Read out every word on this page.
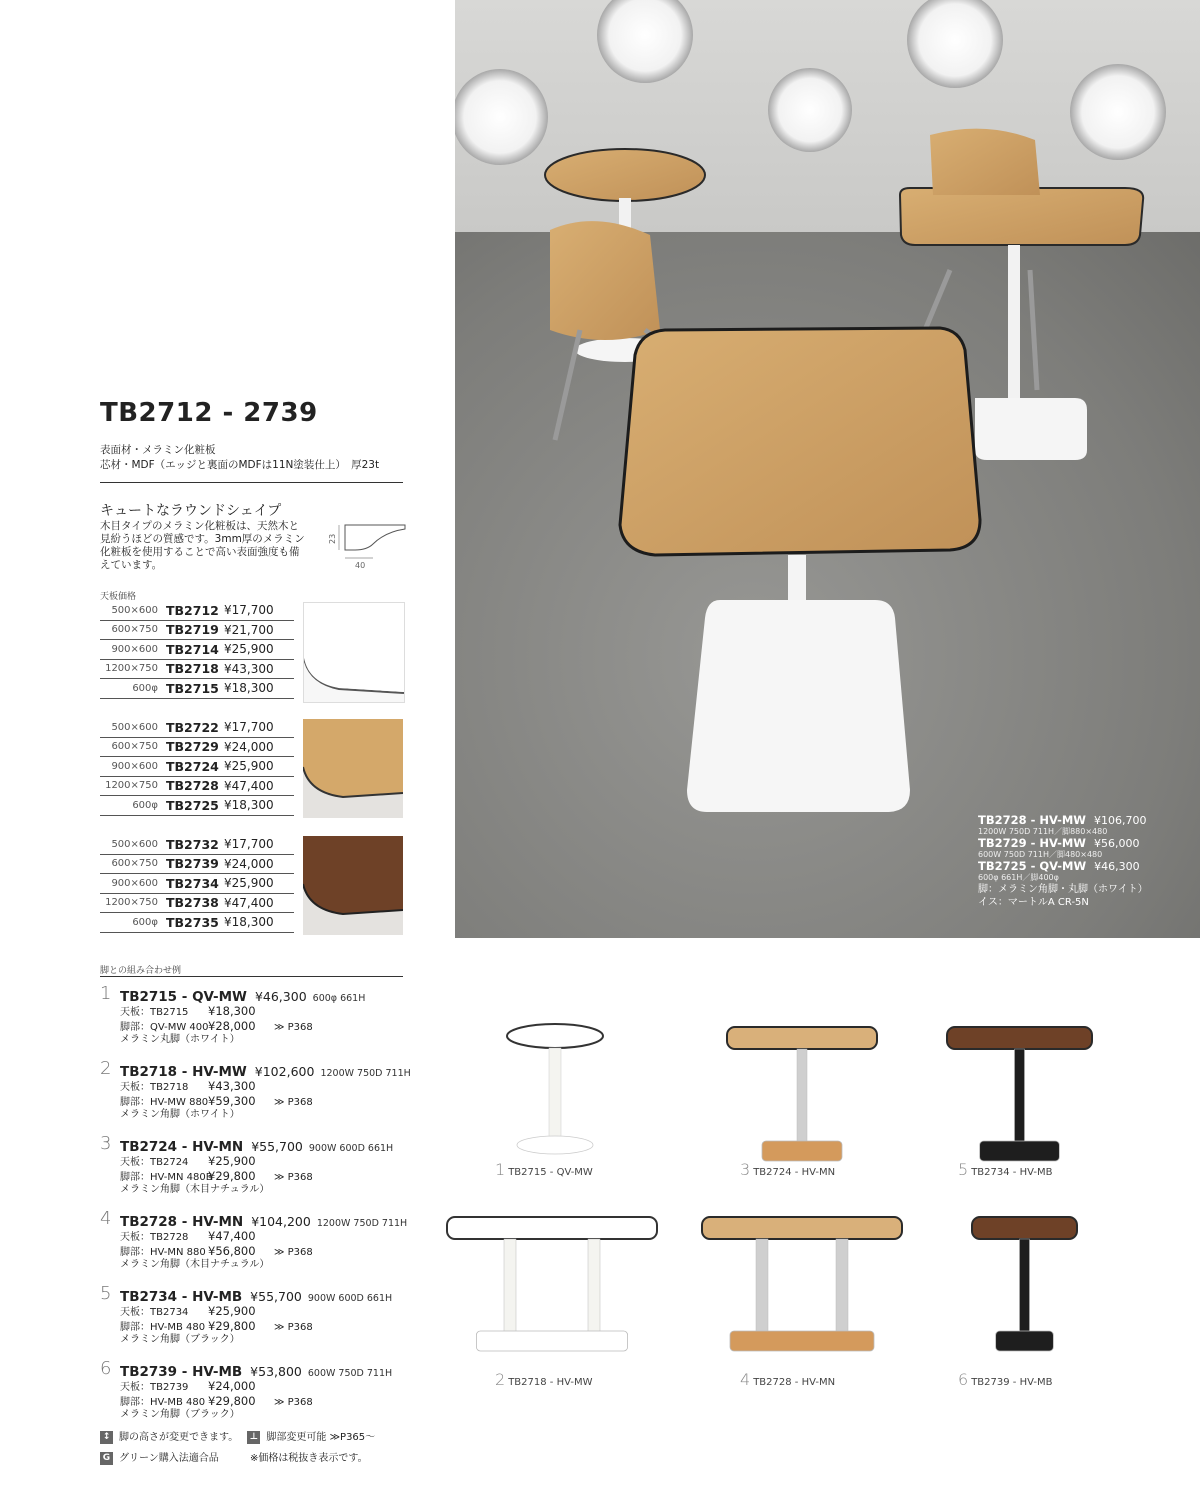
TB2728 - HV-MW ¥106,700
1200W 750D 711H／脚880×480
TB2729 - HV-MW ¥56,000
600W 750D 711H／脚480×480
TB2725 - QV-MW ¥46,300
600φ 661H／脚400φ
脚：メラミン角脚・丸脚（ホワイト）
イス：マートルA CR-5N
TB2712 - 2739
表面材・メラミン化粧板
芯材・MDF（エッジと裏面のMDFは11N塗装仕上）　厚23t
キュートなラウンドシェイプ
木目タイプのメラミン化粧板は、天然木と見紛うほどの質感です。3mm厚のメラミン化粧板を使用することで高い表面強度も備えています。
23
40
天板価格
500×600	TB2712	¥17,700
600×750	TB2719	¥21,700
900×600	TB2714	¥25,900
1200×750	TB2718	¥43,300
600φ	TB2715	¥18,300
500×600	TB2722	¥17,700
600×750	TB2729	¥24,000
900×600	TB2724	¥25,900
1200×750	TB2728	¥47,400
600φ	TB2725	¥18,300
500×600	TB2732	¥17,700
600×750	TB2739	¥24,000
900×600	TB2734	¥25,900
1200×750	TB2738	¥47,400
600φ	TB2735	¥18,300
脚との組み合わせ例
1 TB2715 - QV-MW ¥46,300 600φ 661H
天板：TB2715 ¥18,300
脚部：QV-MW 400¥28,000 ≫ P368
メラミン丸脚（ホワイト）
2 TB2718 - HV-MW ¥102,600 1200W 750D 711H
天板：TB2718 ¥43,300
脚部：HV-MW 880¥59,300 ≫ P368
メラミン角脚（ホワイト）
3 TB2724 - HV-MN ¥55,700 900W 600D 661H
天板：TB2724 ¥25,900
脚部：HV-MN 480B¥29,800 ≫ P368
メラミン角脚（木目ナチュラル）
4 TB2728 - HV-MN ¥104,200 1200W 750D 711H
天板：TB2728 ¥47,400
脚部：HV-MN 880 ¥56,800 ≫ P368
メラミン角脚（木目ナチュラル）
5 TB2734 - HV-MB ¥55,700 900W 600D 661H
天板：TB2734 ¥25,900
脚部：HV-MB 480 ¥29,800 ≫ P368
メラミン角脚（ブラック）
6 TB2739 - HV-MB ¥53,800 600W 750D 711H
天板：TB2739 ¥24,000
脚部：HV-MB 480 ¥29,800 ≫ P368
メラミン角脚（ブラック）
↕ 脚の高さが変更できます。 ⊥ 脚部変更可能 ≫P365〜
G グリーン購入法適合品	※価格は税抜き表示です。
1 TB2715 - QV-MW	3 TB2724 - HV-MN	5 TB2734 - HV-MB
2 TB2718 - HV-MW	4 TB2728 - HV-MN	6 TB2739 - HV-MB
